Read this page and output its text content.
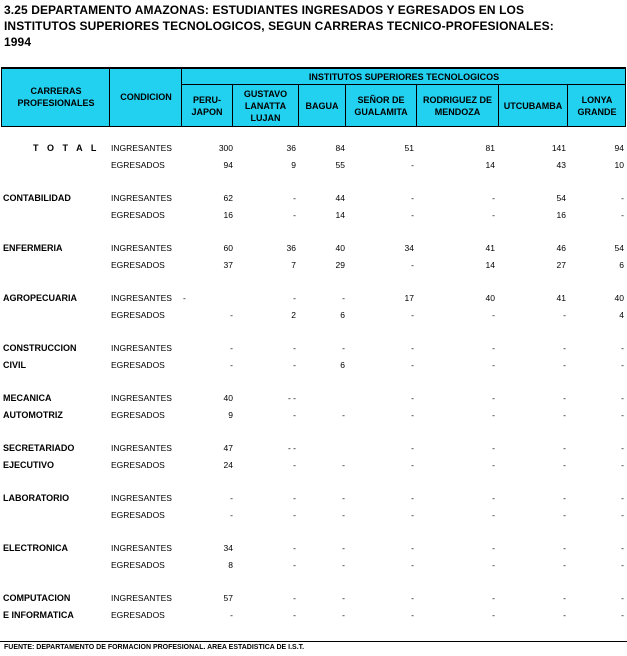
3.25 DEPARTAMENTO AMAZONAS: ESTUDIANTES INGRESADOS Y EGRESADOS EN LOS
INSTITUTOS SUPERIORES TECNOLOGICOS, SEGUN CARRERAS TECNICO-PROFESIONALES:
1994
CARRERAS PROFESIONALES
CONDICION
INSTITUTOS SUPERIORES TECNOLOGICOS
PERU-JAPON
GUSTAVO LANATTA LUJAN
BAGUA
SEÑOR DE GUALAMITA
RODRIGUEZ DE MENDOZA
UTCUBAMBA
LONYA GRANDE
T O T A L INGRESANTES	300	36	84	51	81	141	94
EGRESADOS	94	9	55	-	14	43	10
CONTABILIDAD	INGRESANTES	62	-	44	-	-	54	-
EGRESADOS	16	-	14	-	-	16	-
ENFERMERIA	INGRESANTES	60	36	40	34	41	46	54
EGRESADOS	37	7	29	-	14	27	6
AGROPECUARIA	INGRESANTES -	-	-	17	40	41	40
EGRESADOS	-	2	6	-	-	-	4
CONSTRUCCION	INGRESANTES	-	-	-	-	-	-	-
CIVIL	EGRESADOS	-	-	6	-	-	-	-
MECANICA	INGRESANTES	40	- -	-	-	-	-
AUTOMOTRIZ	EGRESADOS	9	-	-	-	-	-	-
SECRETARIADO	INGRESANTES	47	- -	-	-	-	-
EJECUTIVO	EGRESADOS	24	-	-	-	-	-	-
LABORATORIO	INGRESANTES	-	-	-	-	-	-	-
EGRESADOS	-	-	-	-	-	-	-
ELECTRONICA	INGRESANTES	34	-	-	-	-	-	-
EGRESADOS	8	-	-	-	-	-	-
COMPUTACION	INGRESANTES	57	-	-	-	-	-	-
E INFORMATICA	EGRESADOS	-	-	-	-	-	-	-
FUENTE: DEPARTAMENTO DE FORMACION PROFESIONAL. AREA ESTADISTICA DE I.S.T.
